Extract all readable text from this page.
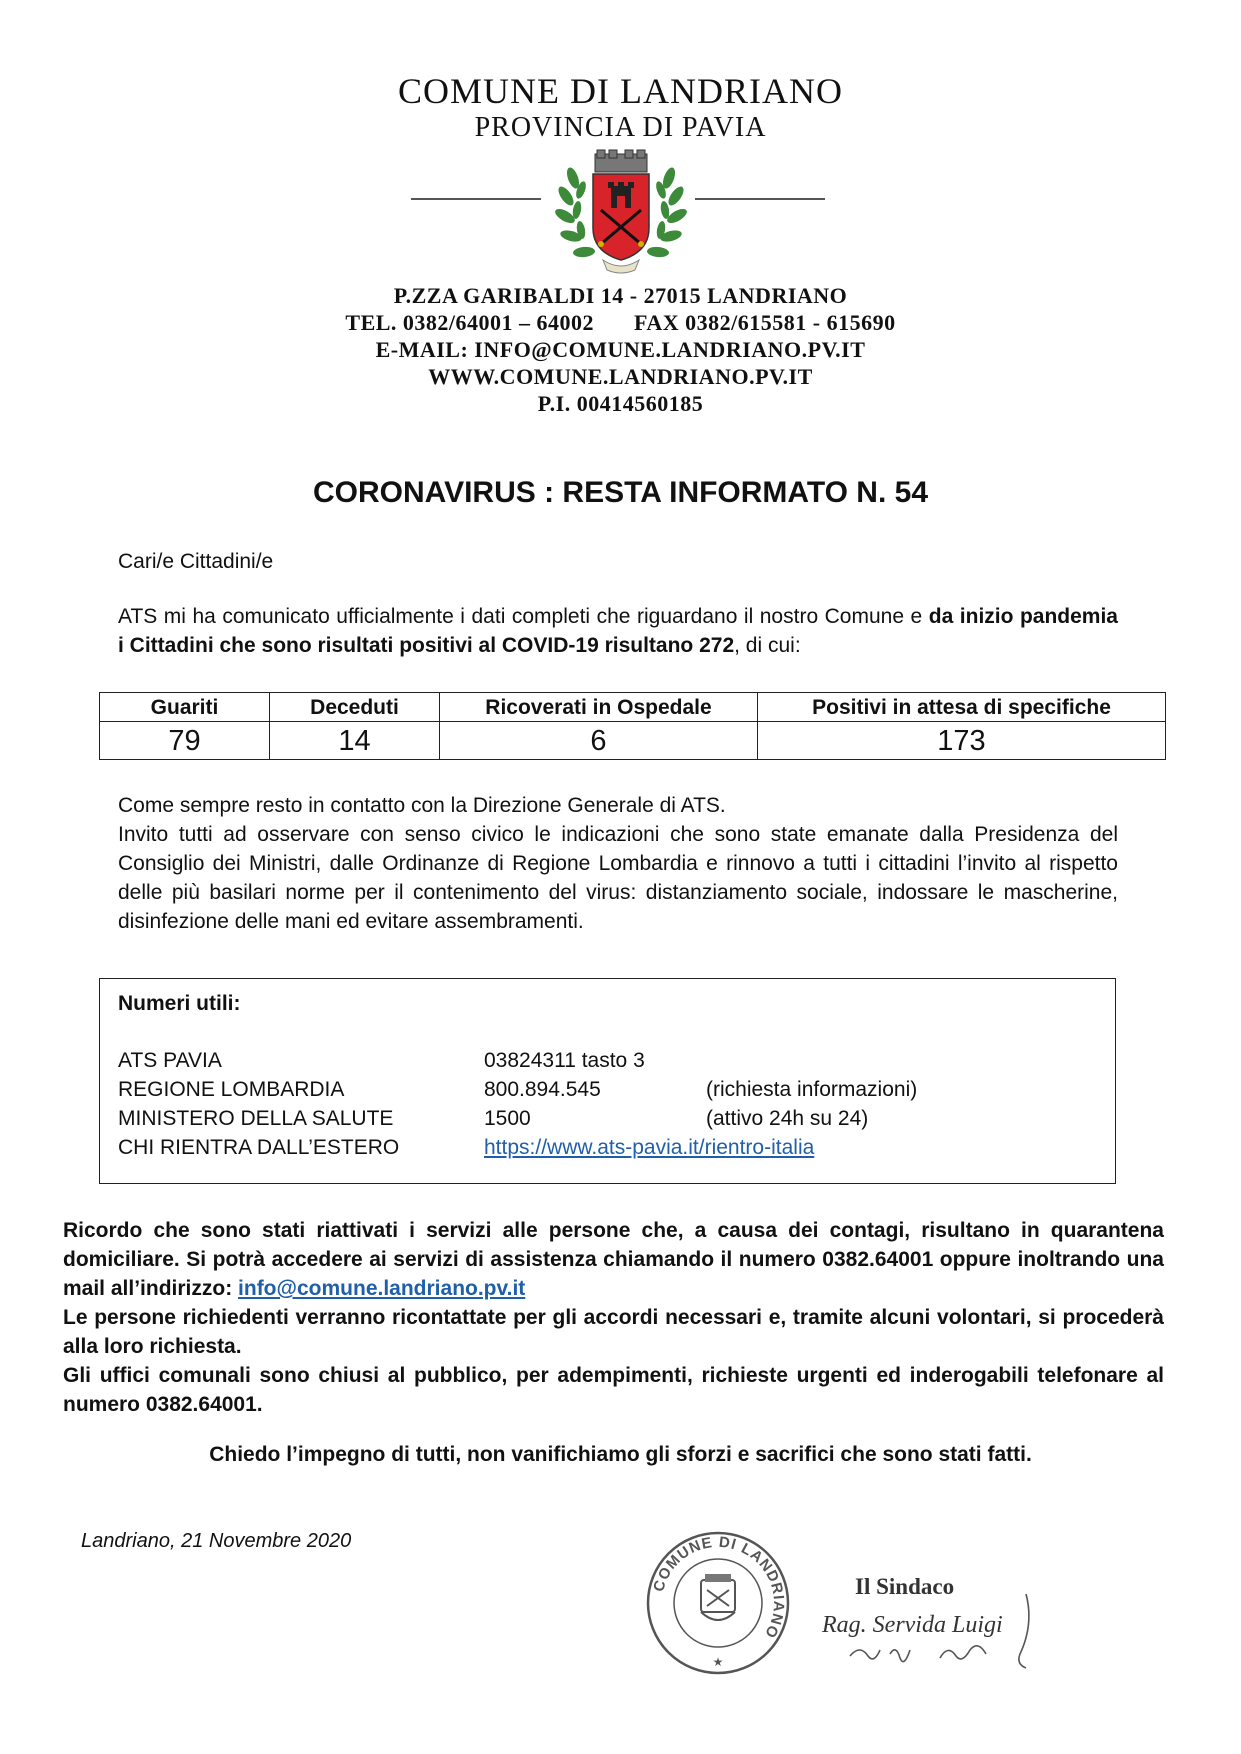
COMUNE DI LANDRIANO
PROVINCIA DI PAVIA
P.ZZA GARIBALDI 14 - 27015 LANDRIANO
TEL. 0382/64001 – 64002 FAX 0382/615581 - 615690
E-MAIL: INFO@COMUNE.LANDRIANO.PV.IT
WWW.COMUNE.LANDRIANO.PV.IT
P.I. 00414560185
CORONAVIRUS : RESTA INFORMATO N. 54
Cari/e Cittadini/e
ATS mi ha comunicato ufficialmente i dati completi che riguardano il nostro Comune e da inizio pandemia i Cittadini che sono risultati positivi al COVID-19 risultano 272, di cui:
Guariti	Deceduti	Ricoverati in Ospedale	Positivi in attesa di specifiche
79	14	6	173
Come sempre resto in contatto con la Direzione Generale di ATS.
Invito tutti ad osservare con senso civico le indicazioni che sono state emanate dalla Presidenza del Consiglio dei Ministri, dalle Ordinanze di Regione Lombardia e rinnovo a tutti i cittadini l’invito al rispetto delle più basilari norme per il contenimento del virus: distanziamento sociale, indossare le mascherine, disinfezione delle mani ed evitare assembramenti.
Numeri utili:
ATS PAVIA	03824311 tasto 3
REGIONE LOMBARDIA	800.894.545	(richiesta informazioni)
MINISTERO DELLA SALUTE	1500	(attivo 24h su 24)
CHI RIENTRA DALL’ESTERO	https://www.ats-pavia.it/rientro-italia
Ricordo che sono stati riattivati i servizi alle persone che, a causa dei contagi, risultano in quarantena domiciliare. Si potrà accedere ai servizi di assistenza chiamando il numero 0382.64001 oppure inoltrando una mail all’indirizzo: info@comune.landriano.pv.it
Le persone richiedenti verranno ricontattate per gli accordi necessari e, tramite alcuni volontari, si procederà alla loro richiesta.
Gli uffici comunali sono chiusi al pubblico, per adempimenti, richieste urgenti ed inderogabili telefonare al numero 0382.64001.
Chiedo l’impegno di tutti, non vanifichiamo gli sforzi e sacrifici che sono stati fatti.
Landriano, 21 Novembre 2020
COMUNE DI LANDRIANO
★
Il Sindaco
Rag. Servida Luigi
